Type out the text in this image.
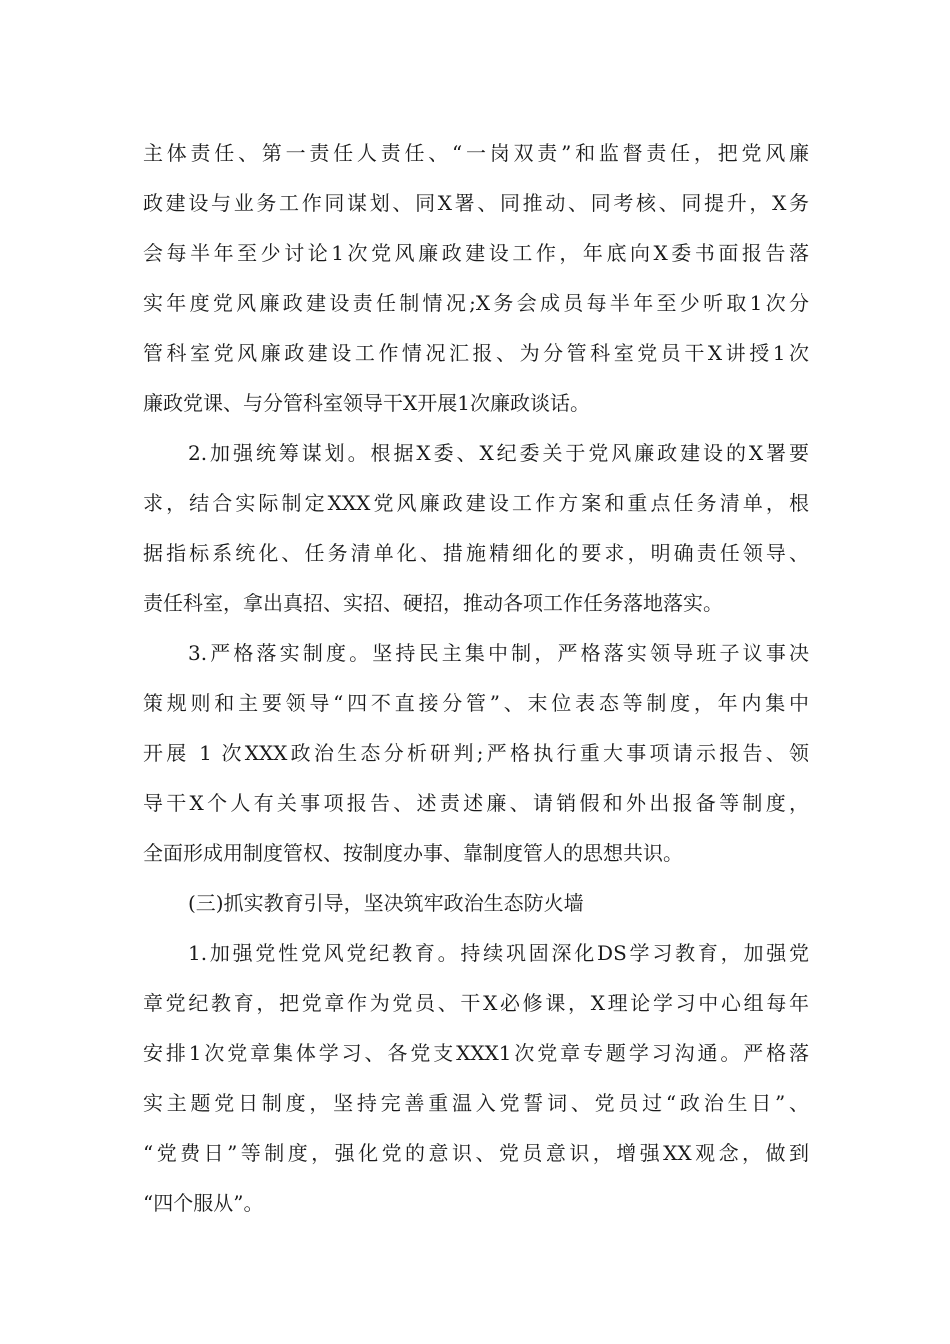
主体责任、第一责任人责任、“一岗双责”和监督责任，把党风廉
政建设与业务工作同谋划、同X署、同推动、同考核、同提升，X务
会每半年至少讨论1次党风廉政建设工作，年底向X委书面报告落
实年度党风廉政建设责任制情况;X务会成员每半年至少听取1次分
管科室党风廉政建设工作情况汇报、为分管科室党员干X讲授1次
廉政党课、与分管科室领导干X开展1次廉政谈话。
2.加强统筹谋划。根据X委、X纪委关于党风廉政建设的X署要
求，结合实际制定XXX党风廉政建设工作方案和重点任务清单，根
据指标系统化、任务清单化、措施精细化的要求，明确责任领导、
责任科室，拿出真招、实招、硬招，推动各项工作任务落地落实。
3.严格落实制度。坚持民主集中制，严格落实领导班子议事决
策规则和主要领导“四不直接分管”、末位表态等制度，年内集中
开展 1 次XXX政治生态分析研判;严格执行重大事项请示报告、领
导干X个人有关事项报告、述责述廉、请销假和外出报备等制度，
全面形成用制度管权、按制度办事、靠制度管人的思想共识。
(三)抓实教育引导，坚决筑牢政治生态防火墙
1.加强党性党风党纪教育。持续巩固深化DS学习教育，加强党
章党纪教育，把党章作为党员、干X必修课，X理论学习中心组每年
安排1次党章集体学习、各党支XXX1次党章专题学习沟通。严格落
实主题党日制度，坚持完善重温入党誓词、党员过“政治生日”、
“党费日”等制度，强化党的意识、党员意识，增强XX观念，做到
“四个服从”。
